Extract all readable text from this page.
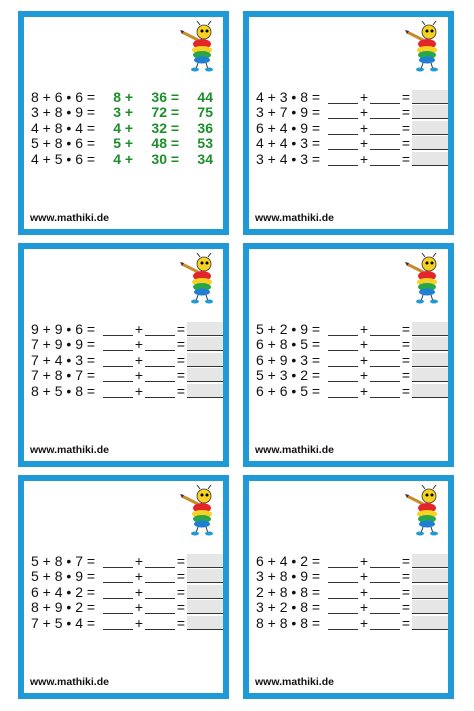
8 + 6 • 6 =	8 +	36 =	44
3 + 8 • 9 =	3 +	72 =	75
4 + 8 • 4 =	4 +	32 =	36
5 + 8 • 6 =	5 +	48 =	53
4 + 5 • 6 =	4 +	30 =	34
www.mathiki.de
4 + 3 • 8 =	+ =
3 + 7 • 9 =	+ =
6 + 4 • 9 =	+ =
4 + 4 • 3 =	+ =
3 + 4 • 3 =	+ =
www.mathiki.de
9 + 9 • 6 =	+ =
7 + 9 • 9 =	+ =
7 + 4 • 3 =	+ =
7 + 8 • 7 =	+ =
8 + 5 • 8 =	+ =
www.mathiki.de
5 + 2 • 9 =	+ =
6 + 8 • 5 =	+ =
6 + 9 • 3 =	+ =
5 + 3 • 2 =	+ =
6 + 6 • 5 =	+ =
www.mathiki.de
5 + 8 • 7 =	+ =
5 + 8 • 9 =	+ =
6 + 4 • 2 =	+ =
8 + 9 • 2 =	+ =
7 + 5 • 4 =	+ =
www.mathiki.de
6 + 4 • 2 =	+ =
3 + 8 • 9 =	+ =
2 + 8 • 8 =	+ =
3 + 2 • 8 =	+ =
8 + 8 • 8 =	+ =
www.mathiki.de
